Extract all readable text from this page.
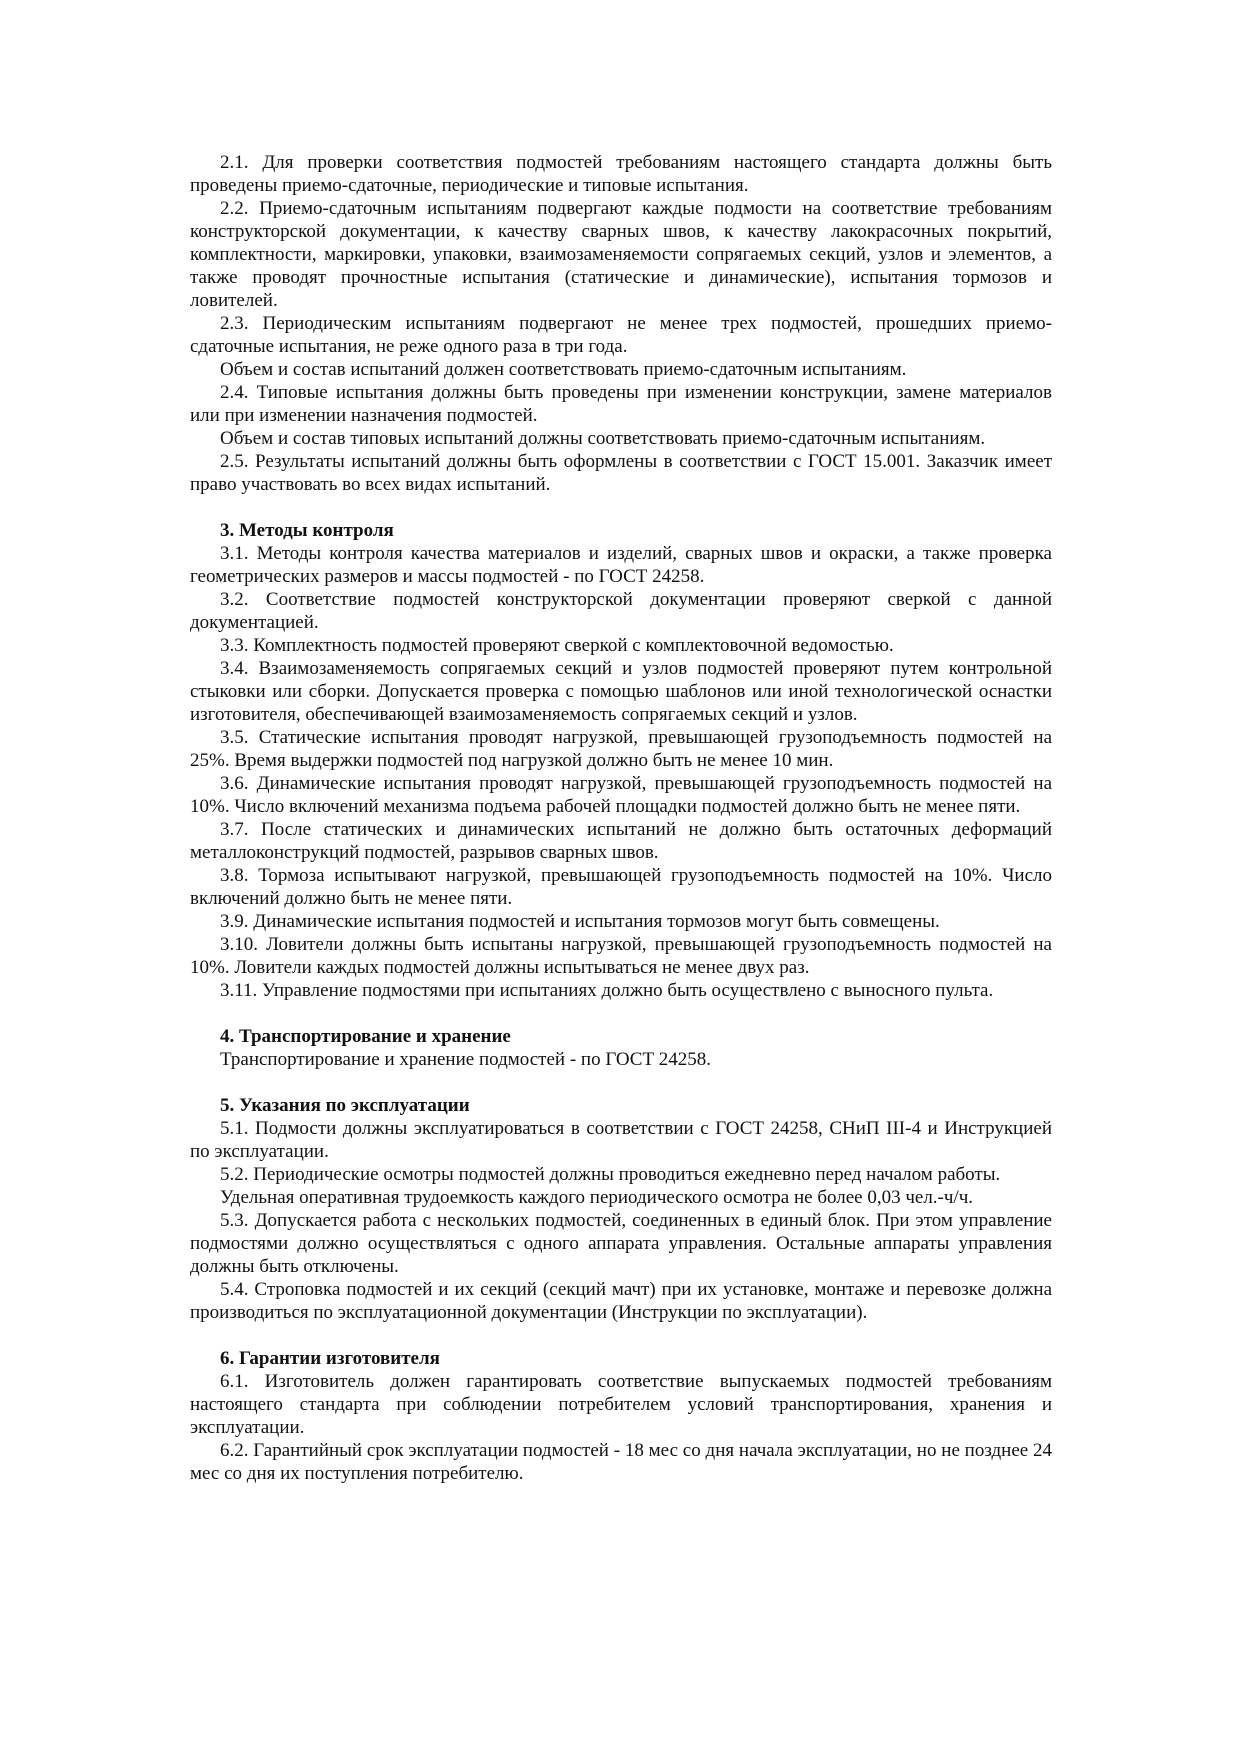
2.1. Для проверки соответствия подмостей требованиям настоящего стандарта должны быть проведены приемо-сдаточные, периодические и типовые испытания.

2.2. Приемо-сдаточным испытаниям подвергают каждые подмости на соответствие требованиям конструкторской документации, к качеству сварных швов, к качеству лакокрасочных покрытий, комплектности, маркировки, упаковки, взаимозаменяемости сопрягаемых секций, узлов и элементов, а также проводят прочностные испытания (статические и динамические), испытания тормозов и ловителей.

2.3. Периодическим испытаниям подвергают не менее трех подмостей, прошедших приемо-сдаточные испытания, не реже одного раза в три года.

Объем и состав испытаний должен соответствовать приемо-сдаточным испытаниям.

2.4. Типовые испытания должны быть проведены при изменении конструкции, замене материалов или при изменении назначения подмостей.

Объем и состав типовых испытаний должны соответствовать приемо-сдаточным испытаниям.

2.5. Результаты испытаний должны быть оформлены в соответствии с ГОСТ 15.001. Заказчик имеет право участвовать во всех видах испытаний.

3. Методы контроля

3.1. Методы контроля качества материалов и изделий, сварных швов и окраски, а также проверка геометрических размеров и массы подмостей - по ГОСТ 24258.

3.2. Соответствие подмостей конструкторской документации проверяют сверкой с данной документацией.

3.3. Комплектность подмостей проверяют сверкой с комплектовочной ведомостью.

3.4. Взаимозаменяемость сопрягаемых секций и узлов подмостей проверяют путем контрольной стыковки или сборки. Допускается проверка с помощью шаблонов или иной технологической оснастки изготовителя, обеспечивающей взаимозаменяемость сопрягаемых секций и узлов.

3.5. Статические испытания проводят нагрузкой, превышающей грузоподъемность подмостей на 25%. Время выдержки подмостей под нагрузкой должно быть не менее 10 мин.

3.6. Динамические испытания проводят нагрузкой, превышающей грузоподъемность подмостей на 10%. Число включений механизма подъема рабочей площадки подмостей должно быть не менее пяти.

3.7. После статических и динамических испытаний не должно быть остаточных деформаций металлоконструкций подмостей, разрывов сварных швов.

3.8. Тормоза испытывают нагрузкой, превышающей грузоподъемность подмостей на 10%. Число включений должно быть не менее пяти.

3.9. Динамические испытания подмостей и испытания тормозов могут быть совмещены.

3.10. Ловители должны быть испытаны нагрузкой, превышающей грузоподъемность подмостей на 10%. Ловители каждых подмостей должны испытываться не менее двух раз.

3.11. Управление подмостями при испытаниях должно быть осуществлено с выносного пульта.

4. Транспортирование и хранение

Транспортирование и хранение подмостей - по ГОСТ 24258.

5. Указания по эксплуатации

5.1. Подмости должны эксплуатироваться в соответствии с ГОСТ 24258, СНиП III-4 и Инструкцией по эксплуатации.

5.2. Периодические осмотры подмостей должны проводиться ежедневно перед началом работы.

Удельная оперативная трудоемкость каждого периодического осмотра не более 0,03 чел.-ч/ч.

5.3. Допускается работа с нескольких подмостей, соединенных в единый блок. При этом управление подмостями должно осуществляться с одного аппарата управления. Остальные аппараты управления должны быть отключены.

5.4. Строповка подмостей и их секций (секций мачт) при их установке, монтаже и перевозке должна производиться по эксплуатационной документации (Инструкции по эксплуатации).

6. Гарантии изготовителя

6.1. Изготовитель должен гарантировать соответствие выпускаемых подмостей требованиям настоящего стандарта при соблюдении потребителем условий транспортирования, хранения и эксплуатации.

6.2. Гарантийный срок эксплуатации подмостей - 18 мес со дня начала эксплуатации, но не позднее 24 мес со дня их поступления потребителю.
